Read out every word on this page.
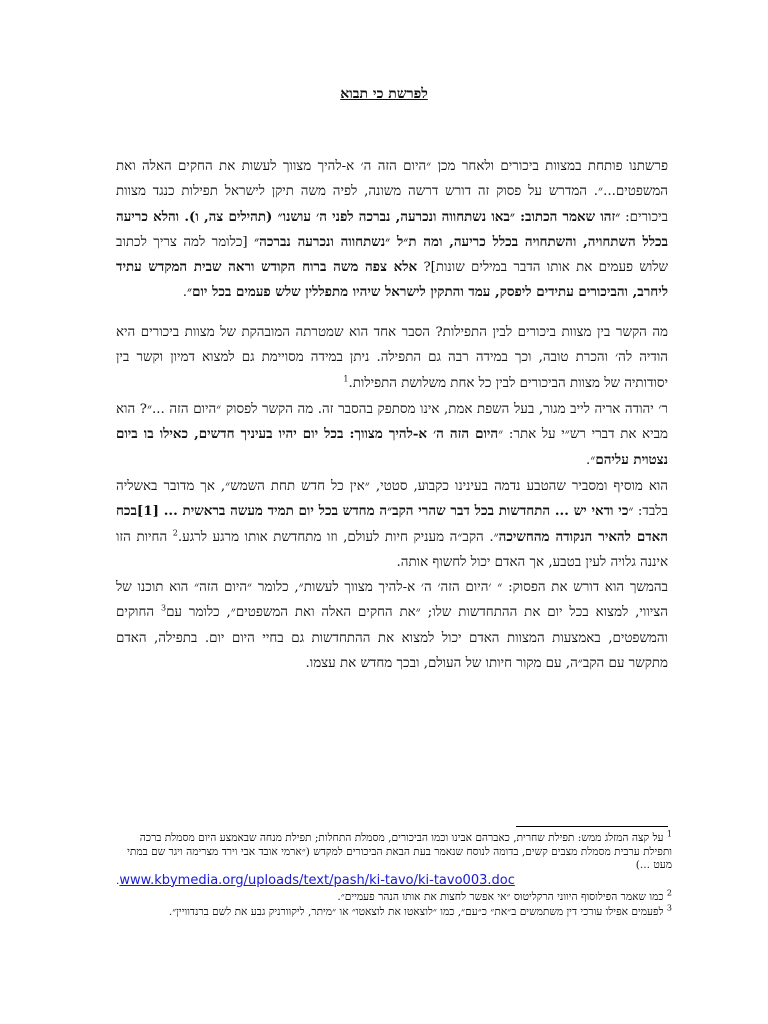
לפרשת כי תבוא
פרשתנו פותחת במצוות ביכורים ולאחר מכן ״היום הזה ה׳ א-להיך מצווך לעשות את החקים האלה ואת המשפטים...״. המדרש על פסוק זה דורש דרשה משונה, לפיה משה תיקן לישראל תפילות כנגד מצוות ביכורים: ״זהו שאמר הכתוב: ״באו נשתחווה ונכרעה, נברכה לפני ה׳ עושנו״ (תהילים צה, ו). והלא כריעה בכלל השתחויה, והשתחויה בכלל כריעה, ומה ת״ל ״נשתחווה ונכרעה נברכה״ [כלומר למה צריך לכתוב שלוש פעמים את אותו הדבר במילים שונות]? אלא צפה משה ברוח הקודש וראה שבית המקדש עתיד ליחרב, והביכורים עתידים ליפסק, עמד והתקין לישראל שיהיו מתפללין שלש פעמים בכל יום״.
מה הקשר בין מצוות ביכורים לבין התפילות? הסבר אחד הוא שמטרתה המובהקת של מצוות ביכורים היא הודיה לה׳ והכרת טובה, וכך במידה רבה גם התפילה. ניתן במידה מסויימת גם למצוא דמיון וקשר בין יסודותיה של מצוות הביכורים לבין כל אחת משלושת התפילות.$^1$
ר׳ יהודה אריה לייב מגור, בעל השפת אמת, אינו מסתפק בהסבר זה. מה הקשר לפסוק ״היום הזה ...״? הוא מביא את דברי רש״י על אתר: ״היום הזה ה׳ א-להיך מצווך: בכל יום יהיו בעיניך חדשים, כאילו בו ביום נצטוית עליהם״.
הוא מוסיף ומסביר שהטבע נדמה בעינינו כקבוע, סטטי, ״אין כל חדש תחת השמש״, אך מדובר באשליה בלבד: ״כי ודאי יש ... התחדשות בכל דבר שהרי הקב״ה מחדש בכל יום תמיד מעשה בראשית ... [1]בכח האדם להאיר הנקודה מהחשיכה״. הקב״ה מעניק חיות לעולם, וזו מתחדשת אותו מרגע לרגע.$^2$ החיות הזו איננה גלויה לעין בטבע, אך האדם יכול לחשוף אותה.
בהמשך הוא דורש את הפסוק: ״ ׳היום הזה׳ ה׳ א-להיך מצווך לעשות״, כלומר ״היום הזה״ הוא תוכנו של הציווי, למצוא בכל יום את ההתחדשות שלו; ״את החקים האלה ואת המשפטים״, כלומר עם$^3$ החוקים והמשפטים, באמצעות המצוות האדם יכול למצוא את ההתחדשות גם בחיי היום יום. בתפילה, האדם מתקשר עם הקב״ה, עם מקור חיותו של העולם, ובכך מחדש את עצמו.
$^1$ על קצה המזלג ממש: תפילת שחרית, כאברהם אבינו וכמו הביכורים, מסמלת התחלות; תפילת מנחה שבאמצע היום מסמלת ברכה ותפילת ערבית מסמלת מצבים קשים, בדומה לנוסח שנאמר בעת הבאת הביכורים למקדש (״ארמי אובד אבי וירד מצרימה ויגר שם במתי מעט ...)
www.kbymedia.org/uploads/text/pash/ki-tavo/ki-tavo003.doc.
$^2$ כמו שאמר הפילוסוף היווני הרקליטוס ״אי אפשר לחצות את אותו הנהר פעמיים״.
$^3$ לפעמים אפילו עורכי דין משתמשים ב״את״ כ״עם״, כמו ״לוצאטו את לוצאטו״ או ״מיתר, ליקוורניק גבע את לשם ברנדוויין״.
